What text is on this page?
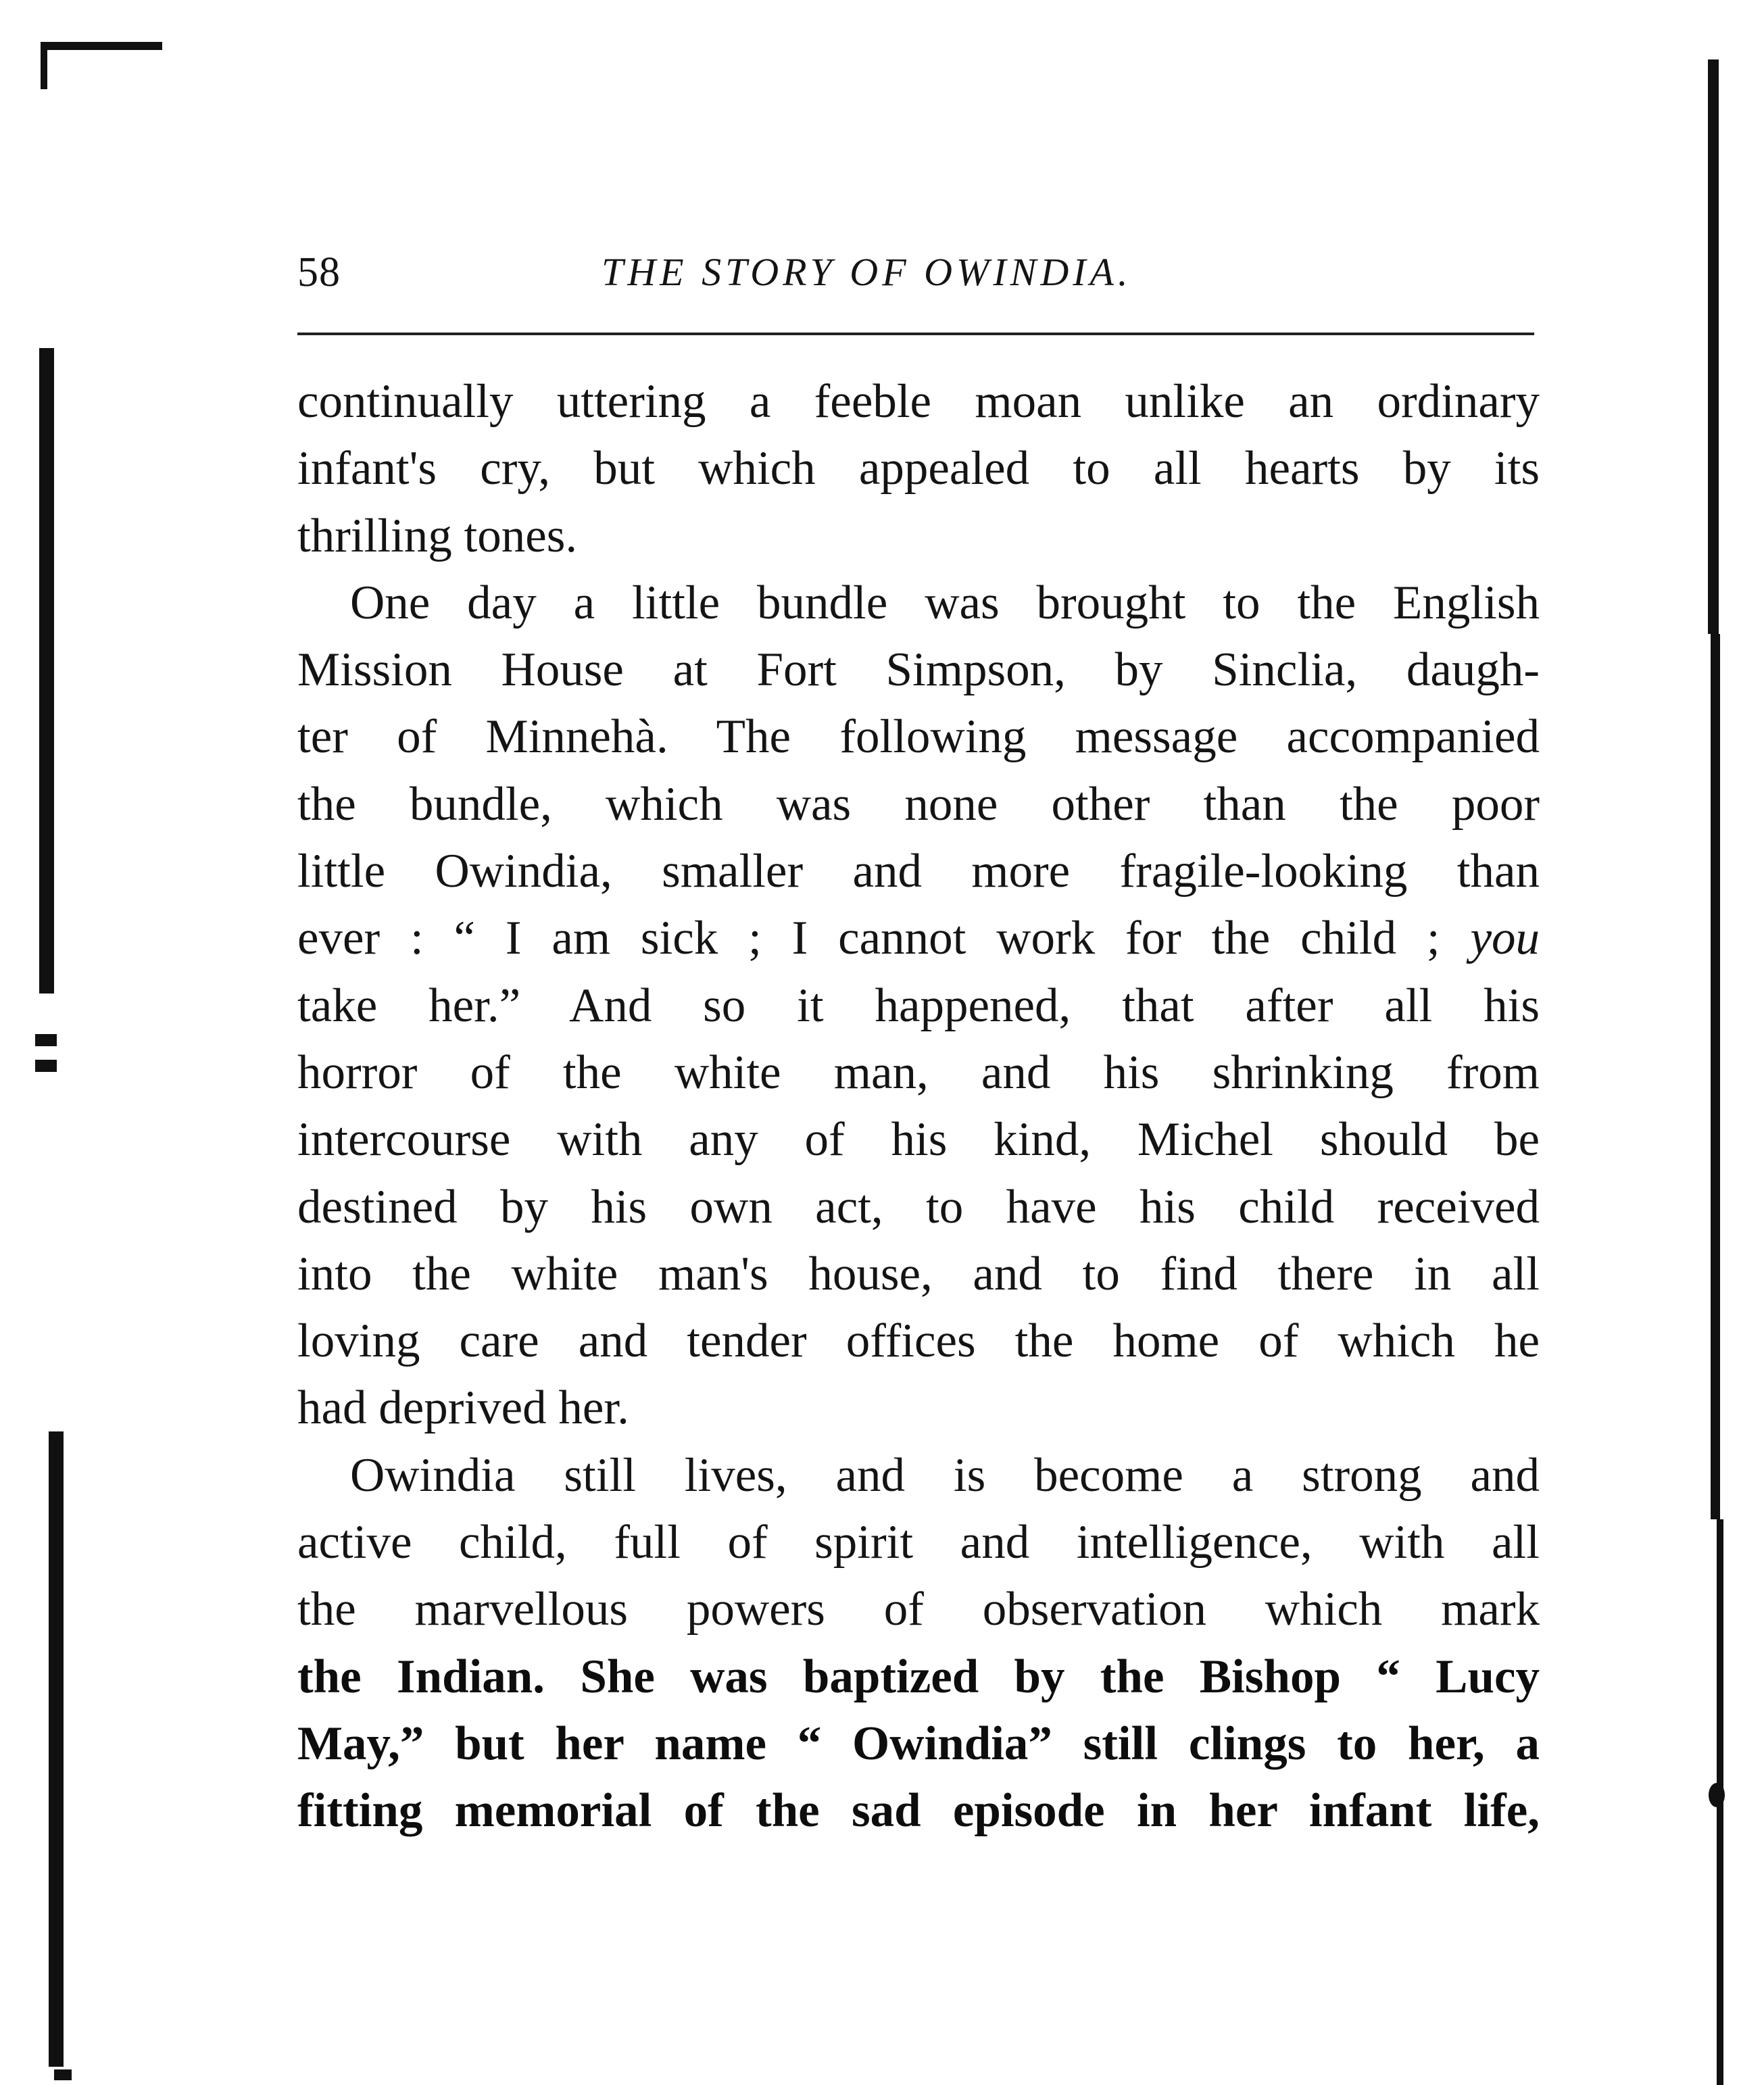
58	THE STORY OF OWINDIA.
continually uttering a feeble moan unlike an ordinary
infant's cry, but which appealed to all hearts by its
thrilling tones.
One day a little bundle was brought to the English
Mission House at Fort Simpson, by Sinclia, daugh-
ter of Minnehà. The following message accompanied
the bundle, which was none other than the poor
little Owindia, smaller and more fragile-looking than
ever : “ I am sick ; I cannot work for the child ; you
take her.” And so it happened, that after all his
horror of the white man, and his shrinking from
intercourse with any of his kind, Michel should be
destined by his own act, to have his child received
into the white man's house, and to find there in all
loving care and tender offices the home of which he
had deprived her.
Owindia still lives, and is become a strong and
active child, full of spirit and intelligence, with all
the marvellous powers of observation which mark
the Indian. She was baptized by the Bishop “ Lucy
May,” but her name “ Owindia” still clings to her, a
fitting memorial of the sad episode in her infant life,
